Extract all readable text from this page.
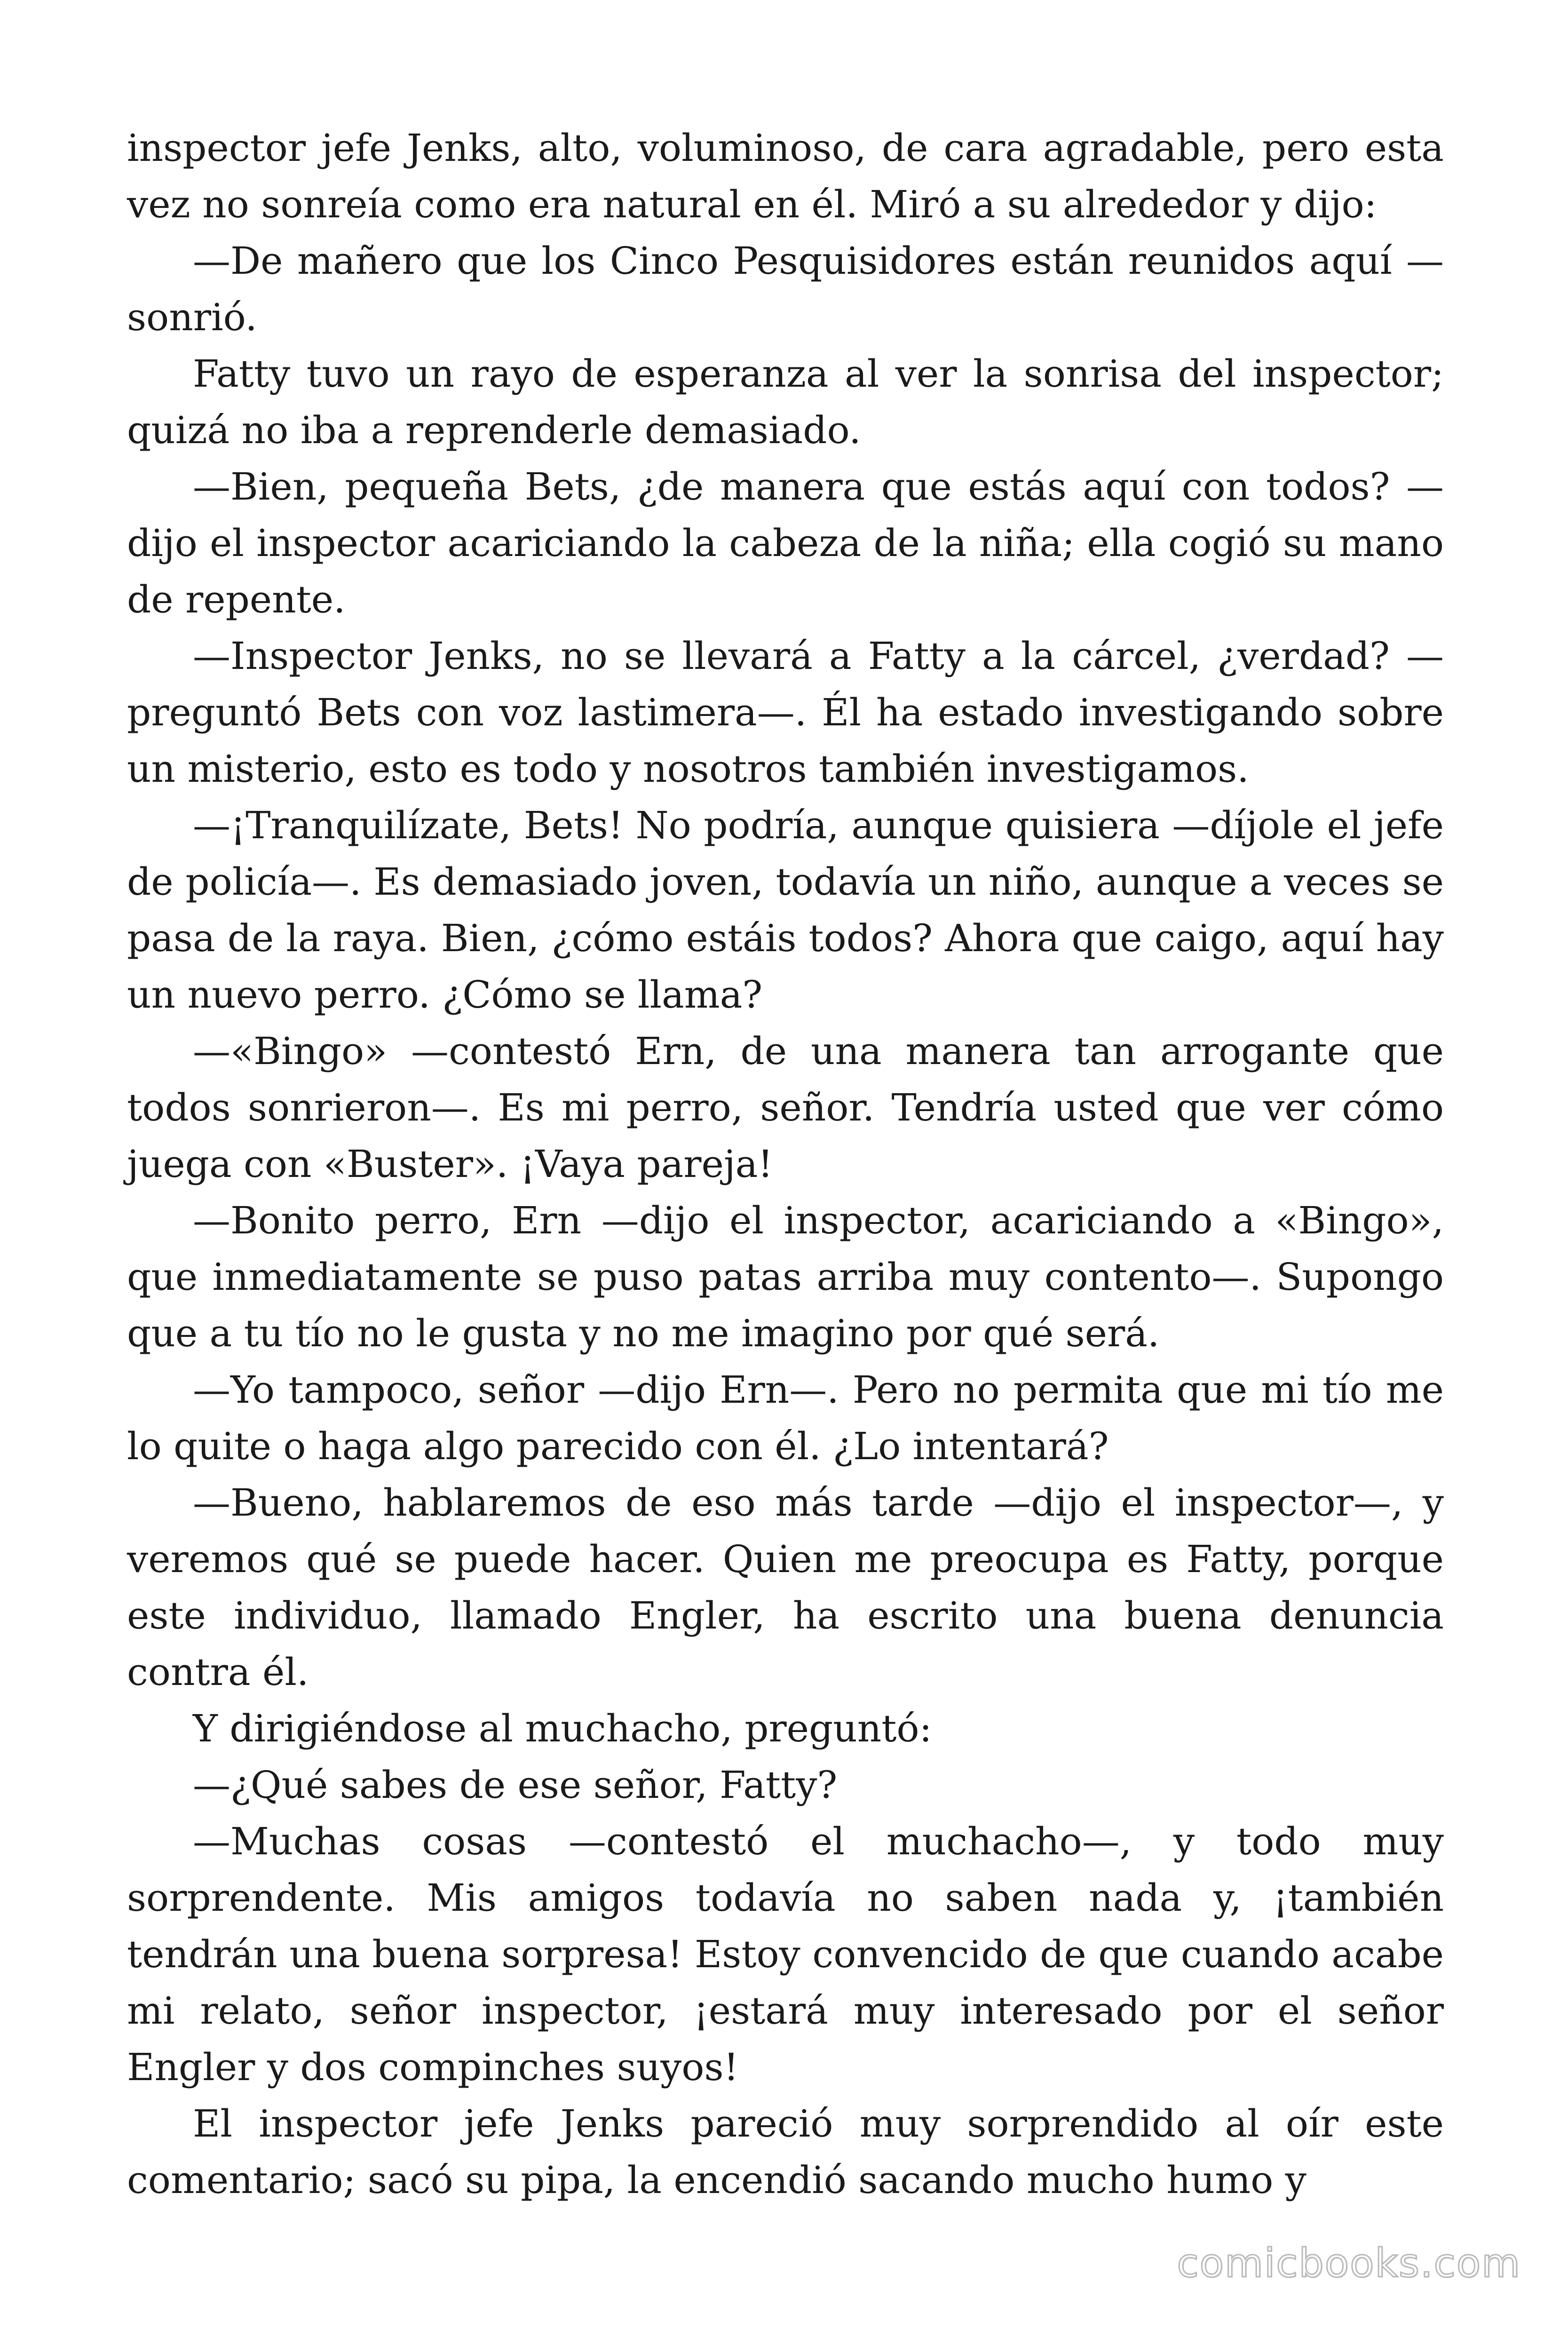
inspector jefe Jenks, alto, voluminoso, de cara agradable, pero esta vez no sonreía como era natural en él. Miró a su alrededor y dijo:

—De mañero que los Cinco Pesquisidores están reunidos aquí — sonrió.

Fatty tuvo un rayo de esperanza al ver la sonrisa del inspector; quizá no iba a reprenderle demasiado.

—Bien, pequeña Bets, ¿de manera que estás aquí con todos? — dijo el inspector acariciando la cabeza de la niña; ella cogió su mano de repente.

—Inspector Jenks, no se llevará a Fatty a la cárcel, ¿verdad? — preguntó Bets con voz lastimera—. Él ha estado investigando sobre un misterio, esto es todo y nosotros también investigamos.

—¡Tranquilízate, Bets! No podría, aunque quisiera —díjole el jefe de policía—. Es demasiado joven, todavía un niño, aunque a veces se pasa de la raya. Bien, ¿cómo estáis todos? Ahora que caigo, aquí hay un nuevo perro. ¿Cómo se llama?

—«Bingo» —contestó Ern, de una manera tan arrogante que todos sonrieron—. Es mi perro, señor. Tendría usted que ver cómo juega con «Buster». ¡Vaya pareja!

—Bonito perro, Ern —dijo el inspector, acariciando a «Bingo», que inmediatamente se puso patas arriba muy contento—. Supongo que a tu tío no le gusta y no me imagino por qué será.

—Yo tampoco, señor —dijo Ern—. Pero no permita que mi tío me lo quite o haga algo parecido con él. ¿Lo intentará?

—Bueno, hablaremos de eso más tarde —dijo el inspector—, y veremos qué se puede hacer. Quien me preocupa es Fatty, porque este individuo, llamado Engler, ha escrito una buena denuncia contra él.

Y dirigiéndose al muchacho, preguntó:

—¿Qué sabes de ese señor, Fatty?

—Muchas cosas —contestó el muchacho—, y todo muy sorprendente. Mis amigos todavía no saben nada y, ¡también tendrán una buena sorpresa! Estoy convencido de que cuando acabe mi relato, señor inspector, ¡estará muy interesado por el señor Engler y dos compinches suyos!

El inspector jefe Jenks pareció muy sorprendido al oír este comentario; sacó su pipa, la encendió sacando mucho humo y

comicbooks.com
